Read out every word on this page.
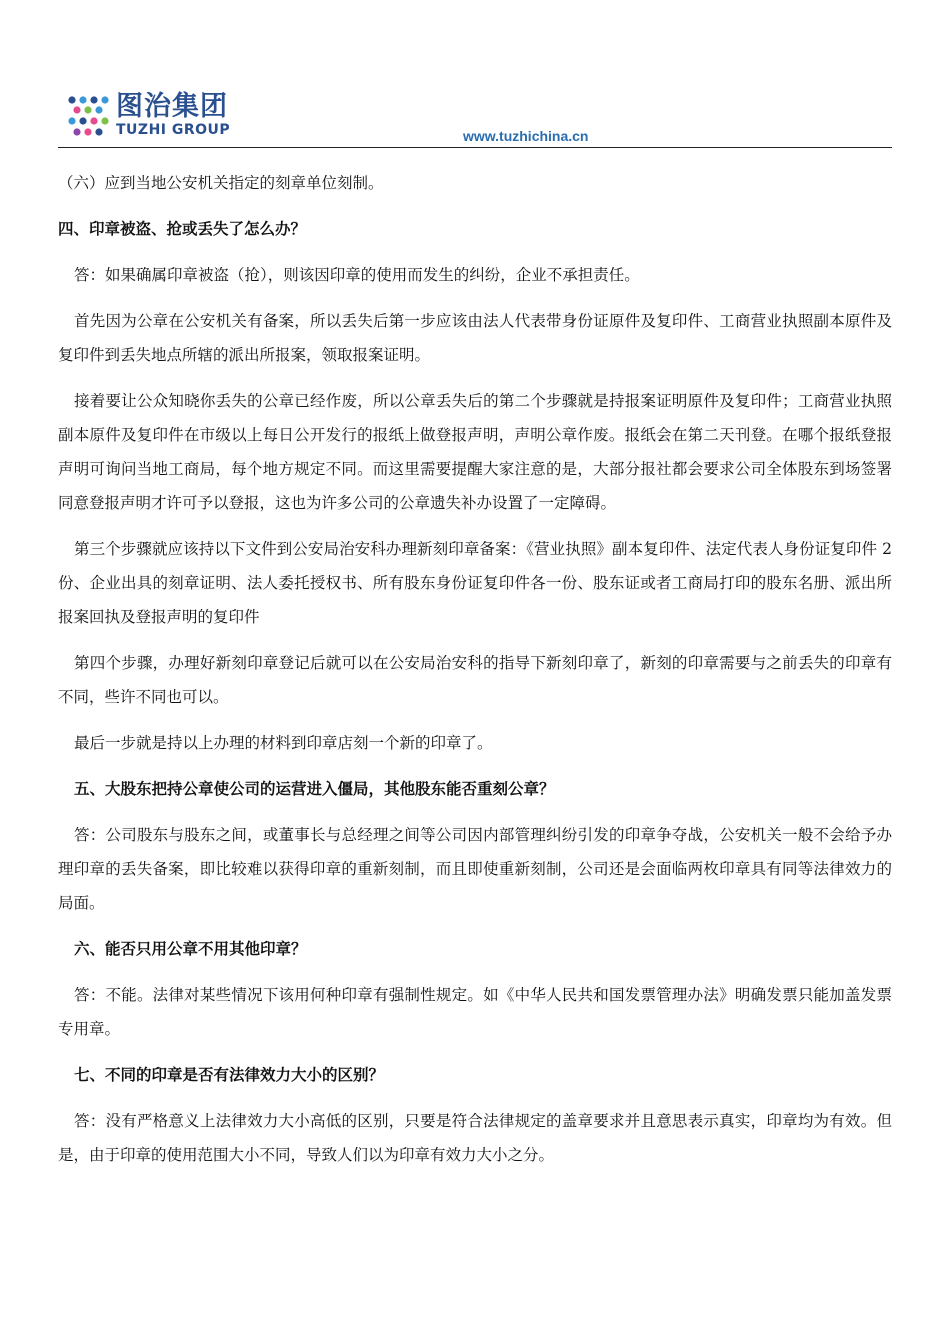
图治集团
TUZHI GROUP	www.tuzhichina.cn

（六）应到当地公安机关指定的刻章单位刻制。

四、印章被盗、抢或丢失了怎么办？

答：如果确属印章被盗（抢），则该因印章的使用而发生的纠纷，企业不承担责任。

首先因为公章在公安机关有备案，所以丢失后第一步应该由法人代表带身份证原件及复印件、工商营业执照副本原件及复印件到丢失地点所辖的派出所报案，领取报案证明。

接着要让公众知晓你丢失的公章已经作废，所以公章丢失后的第二个步骤就是持报案证明原件及复印件；工商营业执照副本原件及复印件在市级以上每日公开发行的报纸上做登报声明，声明公章作废。报纸会在第二天刊登。在哪个报纸登报声明可询问当地工商局，每个地方规定不同。而这里需要提醒大家注意的是，大部分报社都会要求公司全体股东到场签署同意登报声明才许可予以登报，这也为许多公司的公章遗失补办设置了一定障碍。

第三个步骤就应该持以下文件到公安局治安科办理新刻印章备案：《营业执照》副本复印件、法定代表人身份证复印件 2 份、企业出具的刻章证明、法人委托授权书、所有股东身份证复印件各一份、股东证或者工商局打印的股东名册、派出所报案回执及登报声明的复印件

第四个步骤，办理好新刻印章登记后就可以在公安局治安科的指导下新刻印章了，新刻的印章需要与之前丢失的印章有不同，些许不同也可以。

最后一步就是持以上办理的材料到印章店刻一个新的印章了。

五、大股东把持公章使公司的运营进入僵局，其他股东能否重刻公章？

答：公司股东与股东之间，或董事长与总经理之间等公司因内部管理纠纷引发的印章争夺战，公安机关一般不会给予办理印章的丢失备案，即比较难以获得印章的重新刻制，而且即使重新刻制，公司还是会面临两枚印章具有同等法律效力的局面。

六、能否只用公章不用其他印章？

答：不能。法律对某些情况下该用何种印章有强制性规定。如《中华人民共和国发票管理办法》明确发票只能加盖发票专用章。

七、不同的印章是否有法律效力大小的区别？

答：没有严格意义上法律效力大小高低的区别，只要是符合法律规定的盖章要求并且意思表示真实，印章均为有效。但是，由于印章的使用范围大小不同，导致人们以为印章有效力大小之分。
